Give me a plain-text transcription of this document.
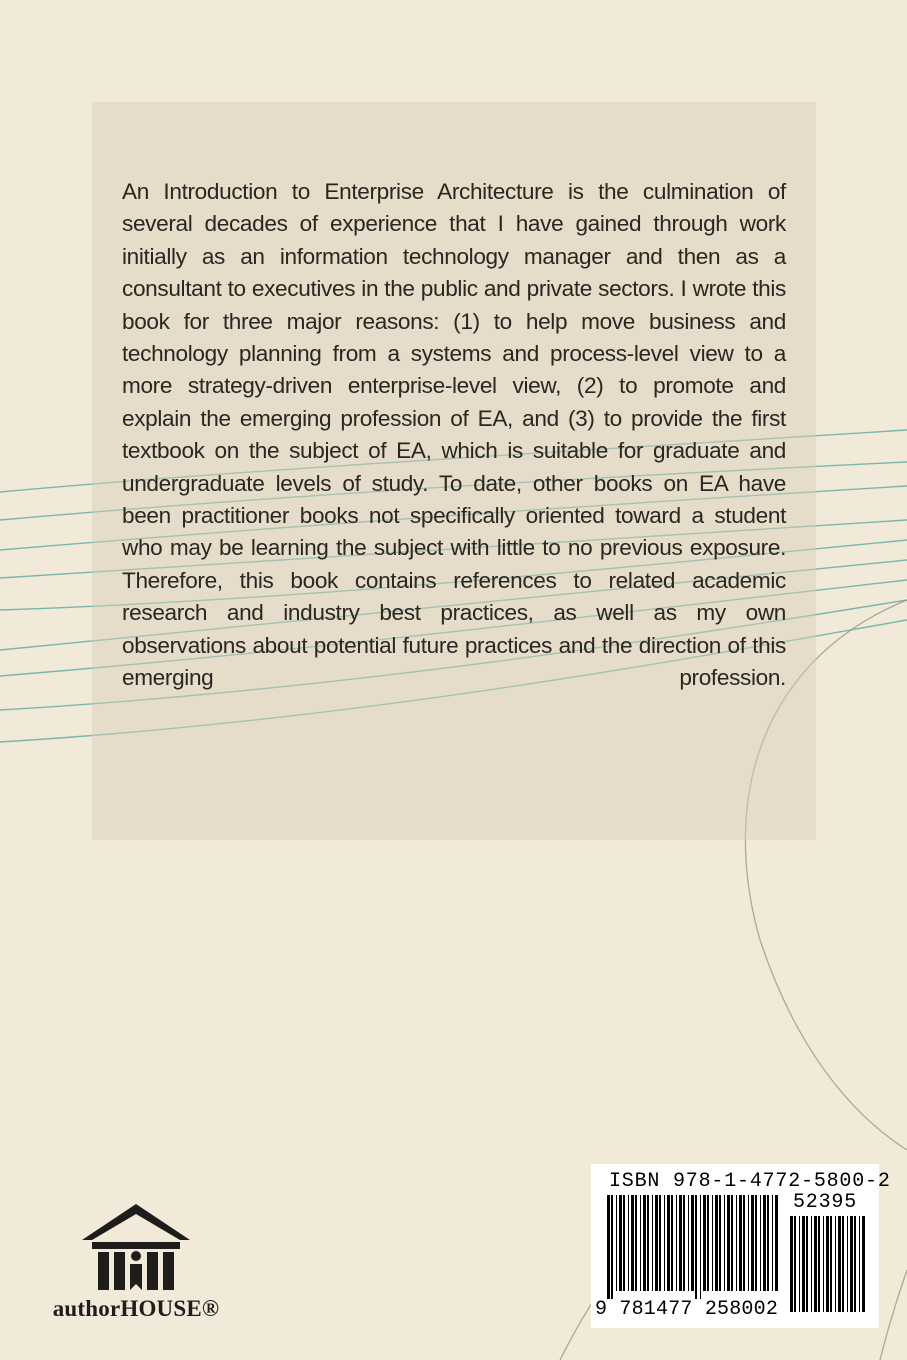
An Introduction to Enterprise Architecture is the culmination of several decades of experience that I have gained through work initially as an information technology manager and then as a consultant to executives in the public and private sectors. I wrote this book for three major reasons: (1) to help move business and technology planning from a systems and process-level view to a more strategy-driven enterprise-level view, (2) to promote and explain the emerging profession of EA, and (3) to provide the first textbook on the subject of EA, which is suitable for graduate and undergraduate levels of study. To date, other books on EA have been practitioner books not specifically oriented toward a student who may be learning the subject with little to no previous exposure. Therefore, this book contains references to related academic research and industry best practices, as well as my own observations about potential future practices and the direction of this emerging profession.

authorHOUSE®
ISBN 978-1-4772-5800-2
52395
9 781477 258002
